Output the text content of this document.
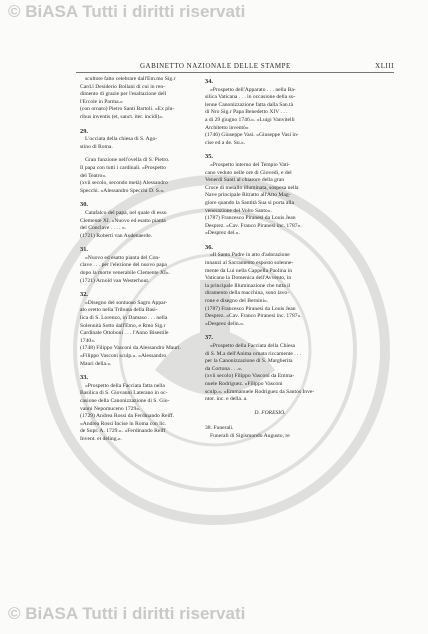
© BiASA Tutti i diritti riservati
GABINETTO NAZIONALE DELLE STAMPE	XLIII
scultore fatto celebrare dall'Em.mo Sig.r
Card.l Desiderio Bollani di cui in ren-
dimento di grazie per l'esaltazione dell
l'Ercole in Parma.»
(con ornato) Pietro Santi Bartoli. «Ex plu-
ribus inventis (et, sanct. iter. incidi)».
29.
L'occiata della chiesa di S. Ago-
stino di Roma.
Gran funzione nell'ovella di S. Pietro.
Il papa con tutti i cardinali. «Prospetto
del Teatro».
(xvii secolo, secondo metà) Alessandro
Specchi. «Alessandro Specchi D. S.».
30.
Catafalco del papa, nel quale di esso
Clemente XI. «Nuovo ed esatto pianta
del Conclave . . . . ».
(1721) Roberti van Audenaerde.
31.
«Nuovo ed esatto pianta del Con-
clave . . . per l'elezione del nuovo papa
dopo la morte venerabile Clemente XI».
(1721) Arnold van Westerhout.
32.
«Disegno del sontuoso Sagro Appar-
ato eretto nella Tribuna della Basi-
lica di S. Lorenzo, in Damaso . . . nella
Solennità Sotto dall'Emo, e Rmo Sig.r
Cardinale Ottoboni . . . l'Anno Bisestile
1740».
(1748) Filippo Vasconi da Alessandro Mauri.
«Filippo Vasconi sculp.». «Alessandro
Mauri della.».
33.
«Prospetto della Facciata fatta nella
Basilica di S. Giovanni Laterano in oc-
casione della Canonizzazione di S. Gio-
vanni Nepomuceno 1729».
(1729) Andrea Rossi da Ferdinando Reiff.
«Andrea Rossi Incise in Roma con lic.
de Supr. A. 1729.». «Ferdinando Reiff
Invent. et deling.».
34.
«Prospetto dell'Apparato . . . nella Ba-
silica Vaticana . . . in occasione della so-
lenne Canonizzazione fatta dalla San.tà
di Nro Sig.r Papa Benedetto XIV . . .
a di 29 giugno 1746.». «Luigi Vanvitelli
Architetto inventò»
(1746) Giuseppe Vasi. «Giuseppe Vasi in-
cise ed a de. Su.».
35.
«Prospetto interno del Tempio Vati-
cano veduto nelle ore di Giovedì, e del
Venerdì Santi al chiarore della gran
Croce di metallo illuminata, sospesa nella
Nave principale Ritratto all'Atto Mag-
giore quando la Santità Sua si porta alla
venerazione del Volto Santo».
(1787) Francesco Piranesi da Louis Jean
Desprez. «Cav. Franco Piranesi inc. 1787».
«Desprez del.».
36.
«Il Santo Padre in atto d'adorazione
innanzi al Sacramento esposto solenne-
mente da Lui nella Cappella Paolina in
Vaticano la Domenica dell'Avvento, in
la principale Illuminazione che tutta il
diramento della macchina, sono lavo-
rone e disegno del Bernini».
(1787) Francesco Piranesi da Louis Jean
Desprez. «Cav. Franco Piranesi inc. 1787».
«Desprez delin.».
37.
«Prospetto della Facciata della Chiesa
di S. M.a dell'Anima ornata riccamente . . .
per la Canonizzazione di S. Margherita
da Cortona . . .».
(xvii secolo) Filippo Vasconi da Emma-
nuele Rodriguez. «Filippo Vasconi
sculp.». «Emmanuele Rodriguez da Santos Inve-
ntor. inc. e della. a.
D. FORESIO.
38. Funerali.
Funerali di Sigismondo Augusto, re
© BiASA Tutti i diritti riservati
